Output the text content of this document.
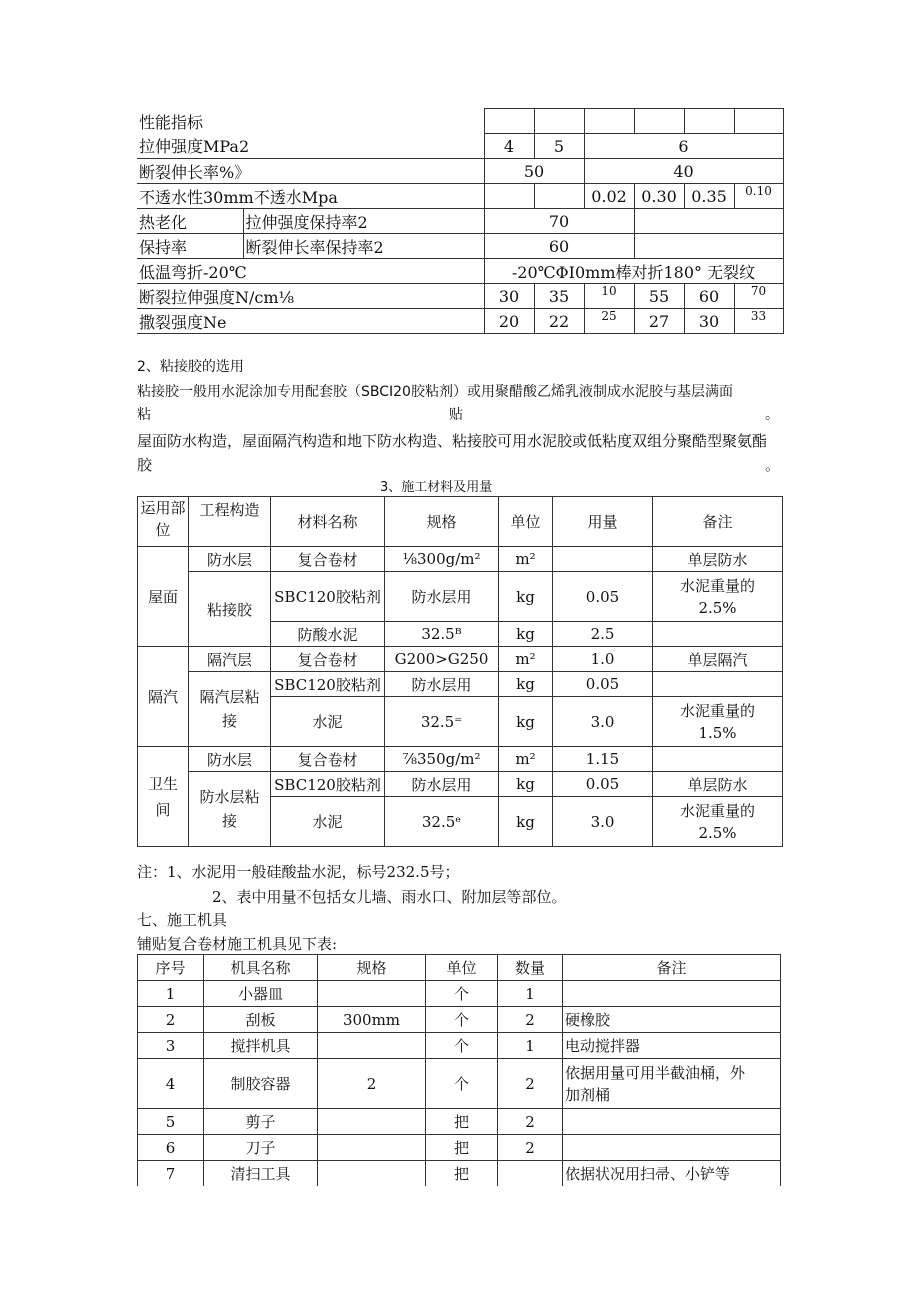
性能指标							
拉伸强度MPa2		4	5	6			
断裂伸长率%》		50		40			
不透水性30mm不透水Mpa				0.02	0.30	0.35	0.10
热老化	拉伸强度保持率2	70					
保持率	断裂伸长率保持率2	60					
低温弯折-20℃		-20℃ΦI0mm棒对折180° 无裂纹					
断裂拉伸强度N/cm⅛		30	35	10	55	60	70
撒裂强度Ne		20	22	25	27	30	33
2、粘接胶的选用
粘接胶一般用水泥涂加专用配套胶（SBCI20胶粘剂）或用聚醋酸乙烯乳液制成水泥胶与基层满面
粘	贴	。
屋面防水构造，屋面隔汽构造和地下防水构造、粘接胶可用水泥胶或低粘度双组分聚酷型聚氨酯
胶	。
3、施工材料及用量
运用部位	工程构造	材料名称	规格	单位	用量	备注
屋面	防水层	复合卷材	⅛300g/m²	m²		单层防水
	粘接胶	SBC120胶粘剂	防水层用	kg	0.05	水泥重量的
2.5%

		防酸水泥	32.5ᴮ	kg	2.5	
隔汽	隔汽层	复合卷材	G200>G250	m²	1.0	单层隔汽

	隔汽层粘
接	SBC120胶粘剂	防水层用	kg	0.05	
		水泥	32.5⁼	kg	3.0	水泥重量的
1.5%

卫生
间	防水层	复合卷材	⅞350g/m²	m²	1.15	

	防水层粘
接	SBC120胶粘剂	防水层用	kg	0.05	单层防水
		水泥	32.5ᵉ	kg	3.0	水泥重量的
2.5%
注：1、水泥用一般硅酸盐水泥，标号232.5号；
2、表中用量不包括女儿墙、雨水口、附加层等部位。
七、施工机具
铺贴复合卷材施工机具见下表:
序号	机具名称	规格	单位	数量	备注
1	小器皿		个	1	
2	刮板	300mm	个	2	硬橡胶
3	搅拌机具		个	1	电动搅拌器
4	制胶容器	2	个	2	依据用量可用半截油桶，外
加剂桶

5	剪子		把	2	
6	刀子		把	2	
7	清扫工具		把		依据状况用扫帚、小铲等
